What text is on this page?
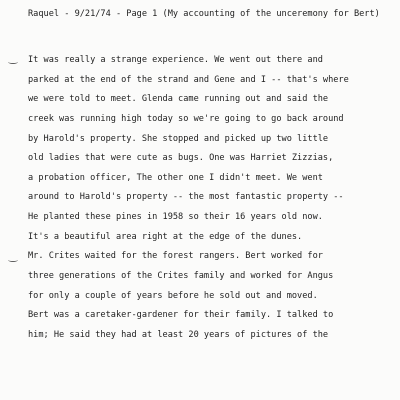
Raquel - 9/21/74 - Page 1 (My accounting of the unceremony for Bert)
It was really a strange experience. We went out there and
parked at the end of the strand and Gene and I -- that's where
we were told to meet. Glenda came running out and said the
creek was running high today so we're going to go back around
by Harold's property. She stopped and picked up two little
old ladies that were cute as bugs. One was Harriet Zizzias,
a probation officer, The other one I didn't meet. We went
around to Harold's property -- the most fantastic property --
He planted these pines in 1958 so their 16 years old now.
It's a beautiful area right at the edge of the dunes.
Mr. Crites waited for the forest rangers. Bert worked for
three generations of the Crites family and worked for Angus
for only a couple of years before he sold out and moved.
Bert was a caretaker-gardener for their family. I talked to
him; He said they had at least 20 years of pictures of the
